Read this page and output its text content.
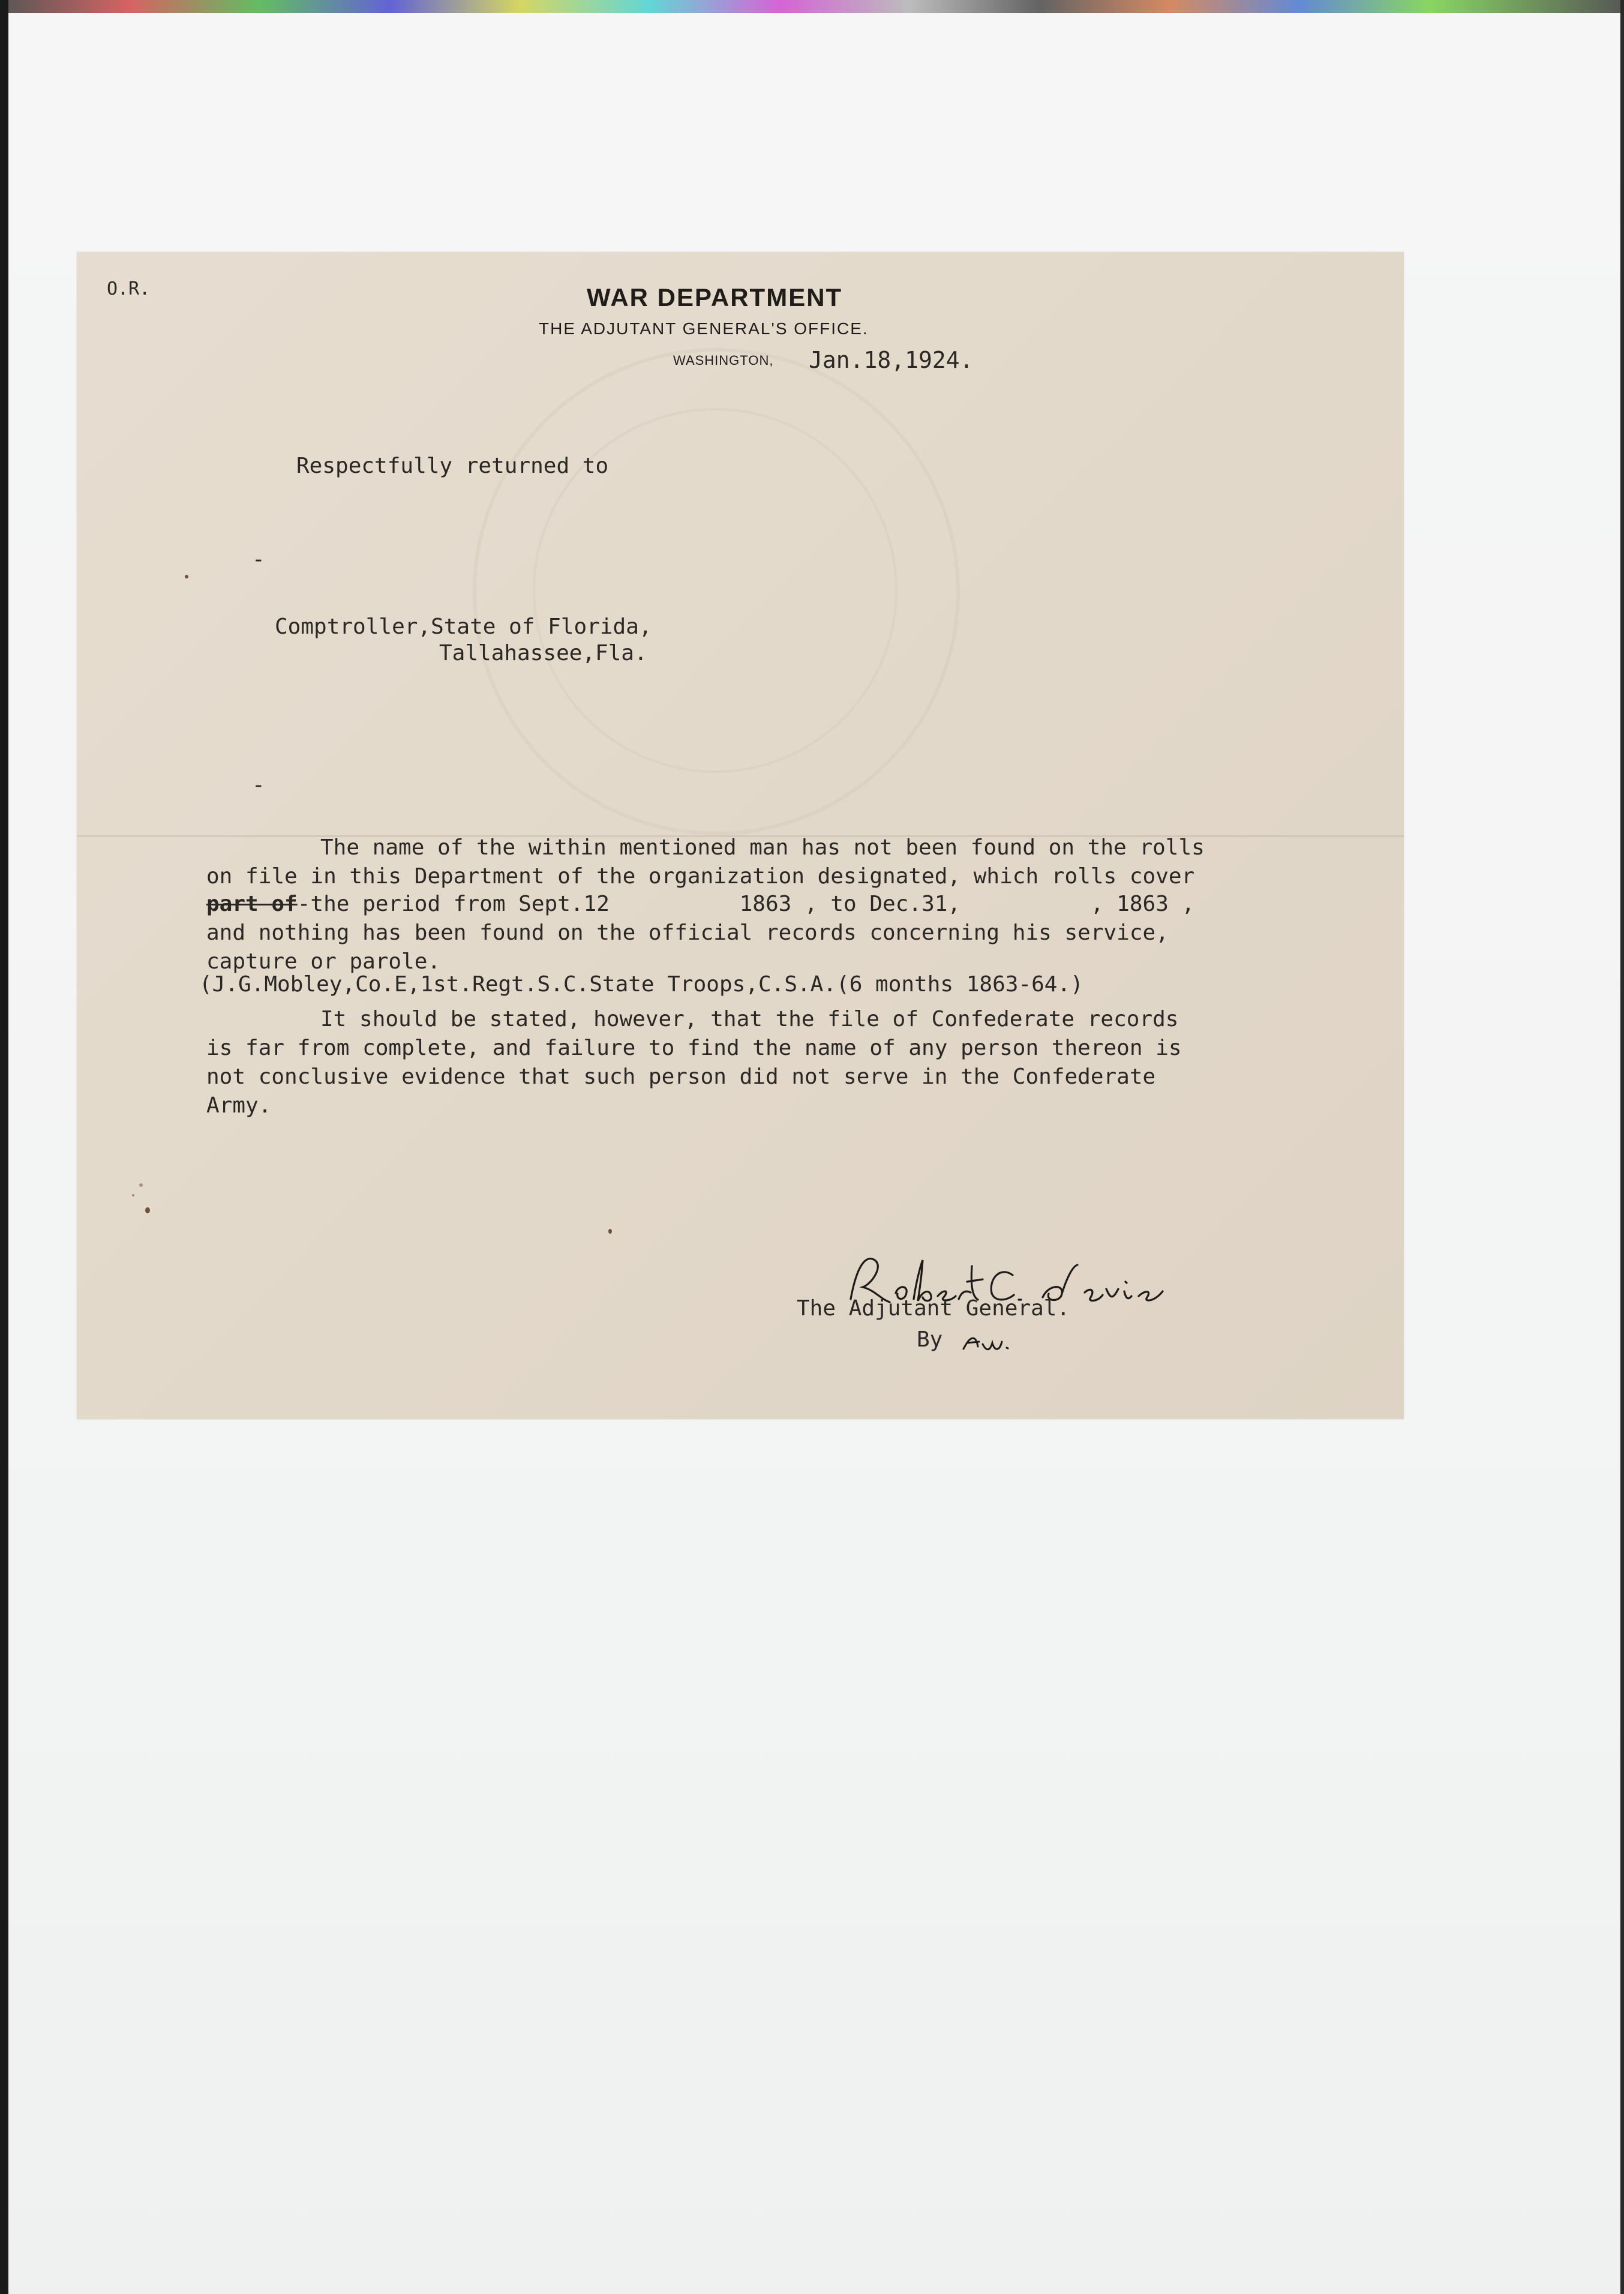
O.R.	WAR DEPARTMENT
THE ADJUTANT GENERAL'S OFFICE.
WASHINGTON, Jan.18,1924.
Respectfully returned to
-
Comptroller,State of Florida,
Tallahassee,Fla.
-
The name of the within mentioned man has not been found on the rolls
on file in this Department of the organization designated, which rolls cover
part of-the period from Sept.12          1863 , to Dec.31,          , 1863 ,
and nothing has been found on the official records concerning his service,
capture or parole.
(J.G.Mobley,Co.E,1st.Regt.S.C.State Troops,C.S.A.(6 months 1863-64.)
It should be stated, however, that the file of Confederate records
is far from complete, and failure to find the name of any person thereon is
not conclusive evidence that such person did not serve in the Confederate
Army.
The Adjutant General.
By
